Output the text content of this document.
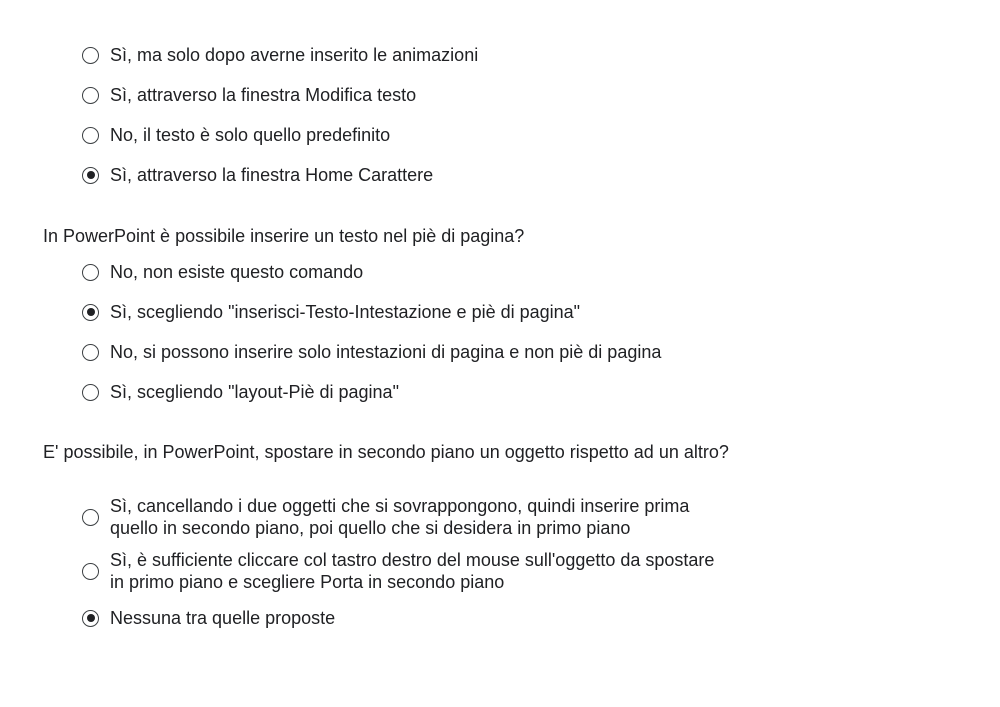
Sì, ma solo dopo averne inserito le animazioni
Sì, attraverso la finestra Modifica testo
No, il testo è solo quello predefinito
Sì, attraverso la finestra Home Carattere
In PowerPoint è possibile inserire un testo nel piè di pagina?
No, non esiste questo comando
Sì, scegliendo "inserisci-Testo-Intestazione e piè di pagina"
No, si possono inserire solo intestazioni di pagina e non piè di pagina
Sì, scegliendo "layout-Piè di pagina"
E' possibile, in PowerPoint, spostare in secondo piano un oggetto rispetto ad un altro?
Sì, cancellando i due oggetti che si sovrappongono, quindi inserire prima quello in secondo piano, poi quello che si desidera in primo piano
Sì, è sufficiente cliccare col tastro destro del mouse sull'oggetto da spostare in primo piano e scegliere Porta in secondo piano
Nessuna tra quelle proposte
